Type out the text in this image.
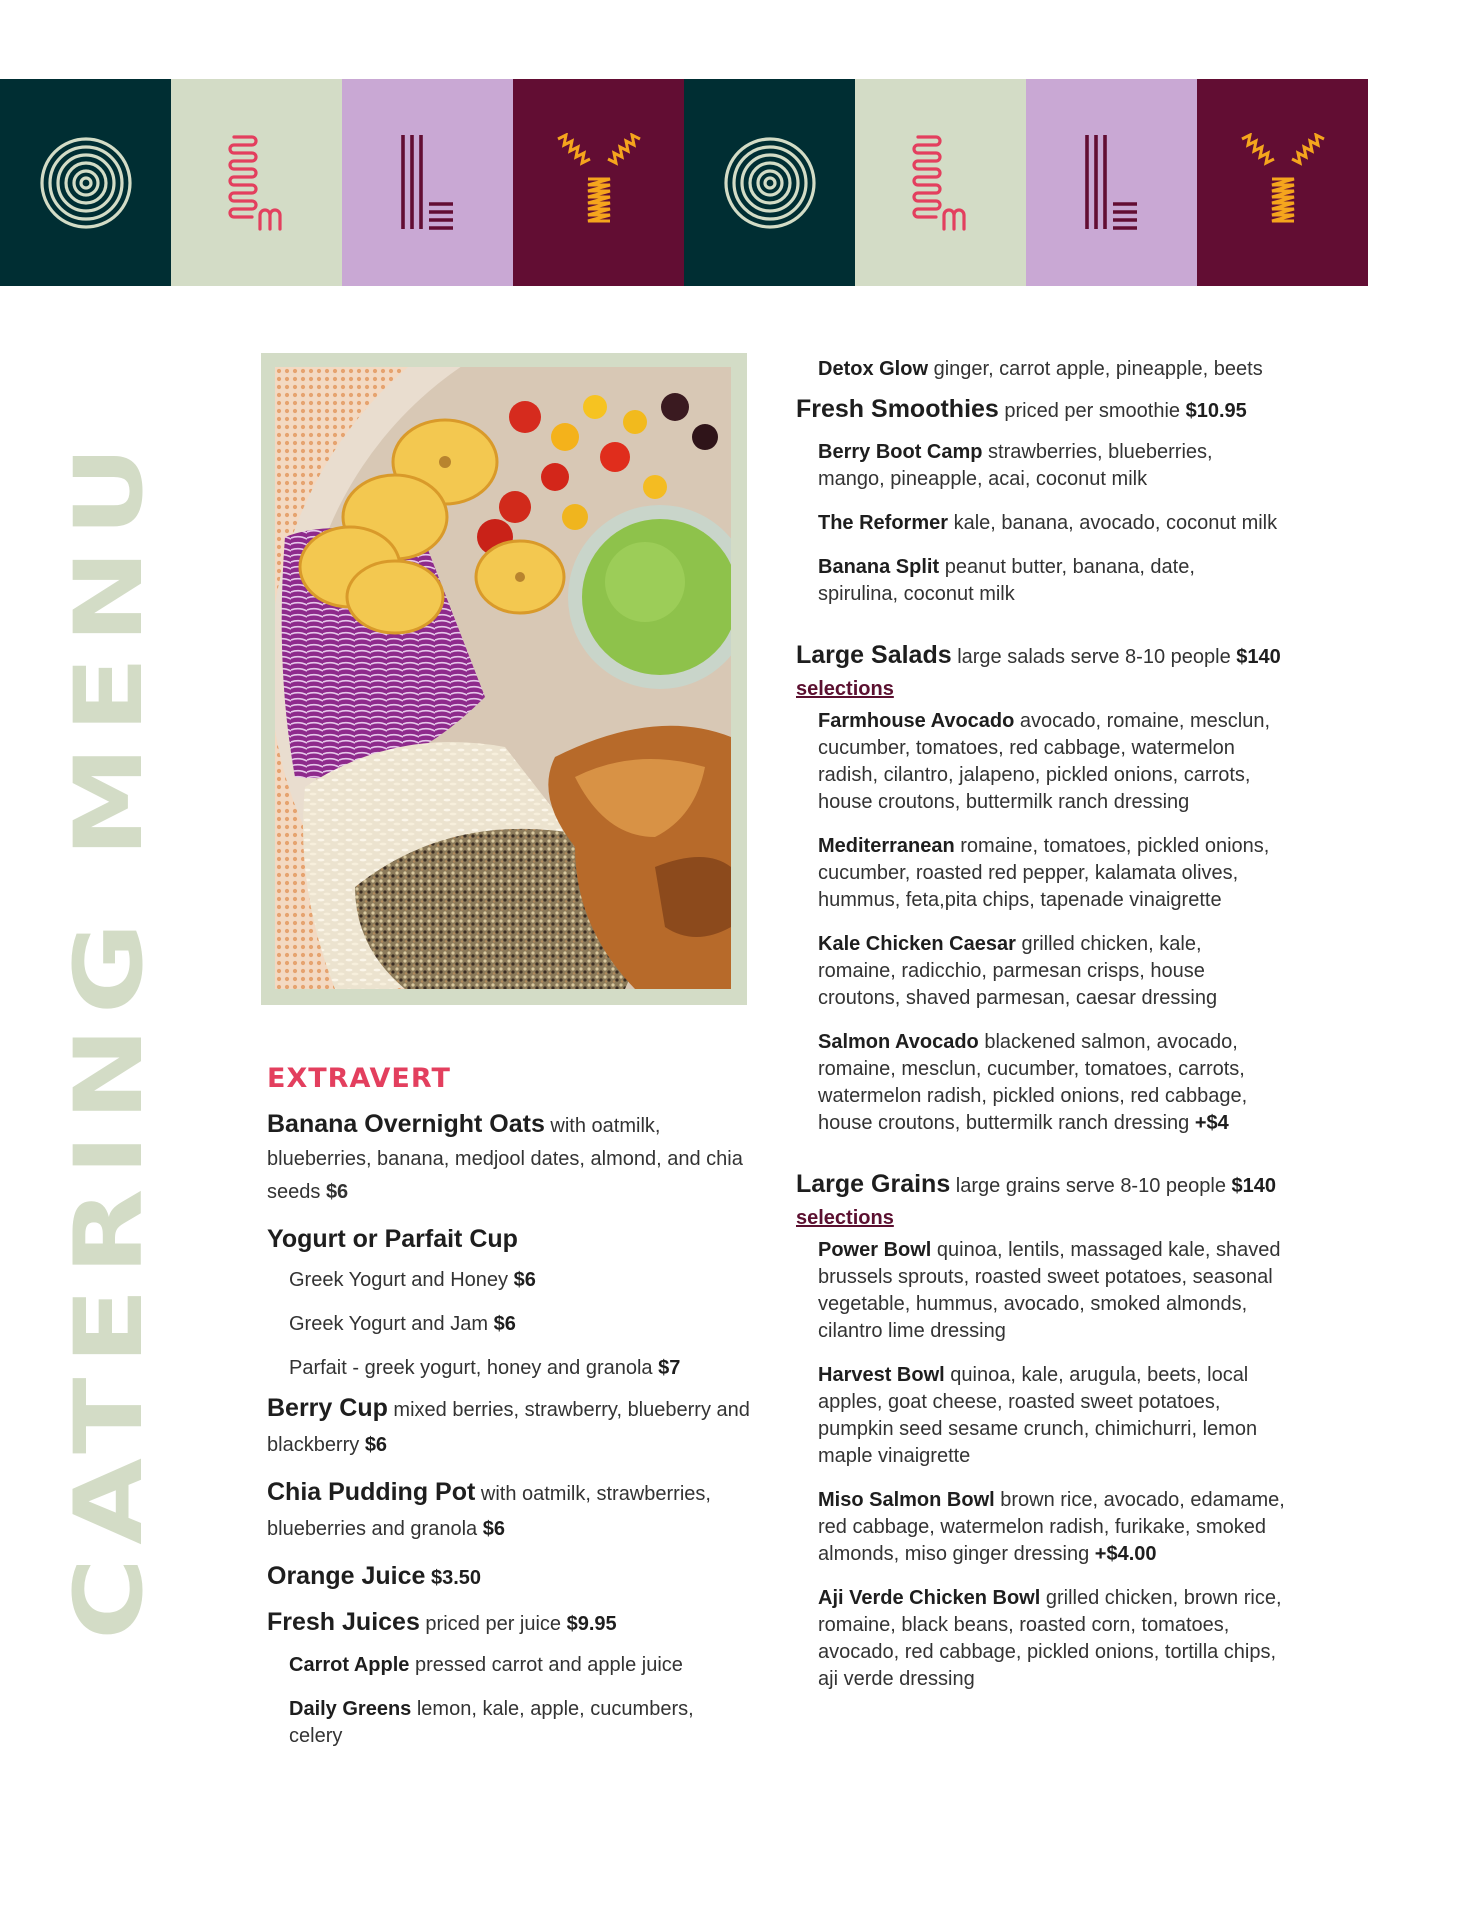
CATERING MENU	EXTRAVERT
Banana Overnight Oats with oatmilk, blueberries, banana, medjool dates, almond, and chia seeds $6
Yogurt or Parfait Cup
Greek Yogurt and Honey $6
Greek Yogurt and Jam $6
Parfait - greek yogurt, honey and granola $7
Berry Cup mixed berries, strawberry, blueberry and blackberry $6
Chia Pudding Pot with oatmilk, strawberries, blueberries and granola $6
Orange Juice $3.50
Fresh Juices priced per juice $9.95
Carrot Apple pressed carrot and apple juice
Daily Greens lemon, kale, apple, cucumbers, celery
Detox Glow ginger, carrot apple, pineapple, beets
Fresh Smoothies priced per smoothie $10.95
Berry Boot Camp strawberries, blueberries, mango, pineapple, acai, coconut milk
The Reformer kale, banana, avocado, coconut milk
Banana Split peanut butter, banana, date, spirulina, coconut milk
Large Salads large salads serve 8-10 people $140
selections
Farmhouse Avocado avocado, romaine, mesclun, cucumber, tomatoes, red cabbage, watermelon radish, cilantro, jalapeno, pickled onions, carrots, house croutons, buttermilk ranch dressing
Mediterranean romaine, tomatoes, pickled onions, cucumber, roasted red pepper, kalamata olives, hummus, feta,pita chips, tapenade vinaigrette
Kale Chicken Caesar grilled chicken, kale, romaine, radicchio, parmesan crisps, house croutons, shaved parmesan, caesar dressing
Salmon Avocado blackened salmon, avocado, romaine, mesclun, cucumber, tomatoes, carrots, watermelon radish, pickled onions, red cabbage, house croutons, buttermilk ranch dressing +$4
Large Grains large grains serve 8-10 people $140
selections
Power Bowl quinoa, lentils, massaged kale, shaved brussels sprouts, roasted sweet potatoes, seasonal vegetable, hummus, avocado, smoked almonds, cilantro lime dressing
Harvest Bowl quinoa, kale, arugula, beets, local apples, goat cheese, roasted sweet potatoes, pumpkin seed sesame crunch, chimichurri, lemon maple vinaigrette
Miso Salmon Bowl brown rice, avocado, edamame, red cabbage, watermelon radish, furikake, smoked almonds, miso ginger dressing +$4.00
Aji Verde Chicken Bowl grilled chicken, brown rice, romaine, black beans, roasted corn, tomatoes, avocado, red cabbage, pickled onions, tortilla chips, aji verde dressing
